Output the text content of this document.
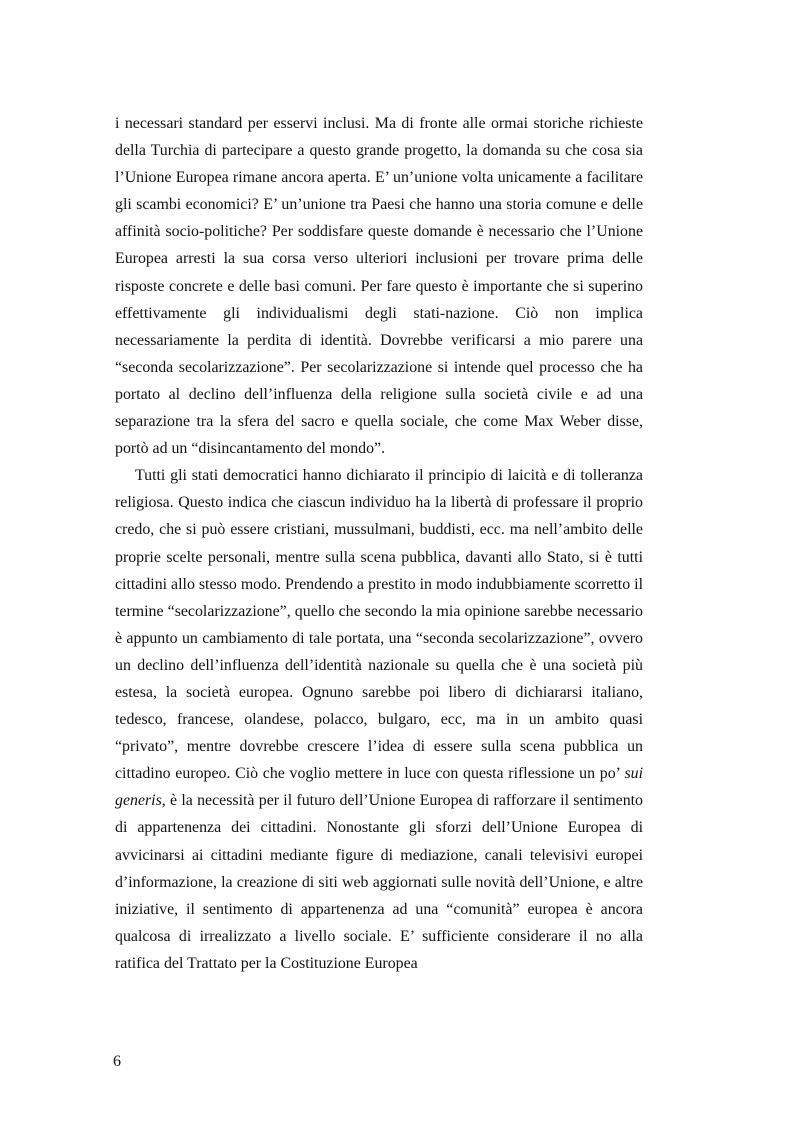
i necessari standard per esservi inclusi. Ma di fronte alle ormai storiche richieste della Turchia di partecipare a questo grande progetto, la domanda su che cosa sia l’Unione Europea rimane ancora aperta. E’ un’unione volta unicamente a facilitare gli scambi economici? E’ un’unione tra Paesi che hanno una storia comune e delle affinità socio-politiche? Per soddisfare queste domande è necessario che l’Unione Europea arresti la sua corsa verso ulteriori inclusioni per trovare prima delle risposte concrete e delle basi comuni. Per fare questo è importante che si superino effettivamente gli individualismi degli stati-nazione. Ciò non implica necessariamente la perdita di identità. Dovrebbe verificarsi a mio parere una “seconda secolarizzazione”. Per secolarizzazione si intende quel processo che ha portato al declino dell’influenza della religione sulla società civile e ad una separazione tra la sfera del sacro e quella sociale, che come Max Weber disse, portò ad un “disincantamento del mondo”.

Tutti gli stati democratici hanno dichiarato il principio di laicità e di tolleranza religiosa. Questo indica che ciascun individuo ha la libertà di professare il proprio credo, che si può essere cristiani, mussulmani, buddisti, ecc. ma nell’ambito delle proprie scelte personali, mentre sulla scena pubblica, davanti allo Stato, si è tutti cittadini allo stesso modo. Prendendo a prestito in modo indubbiamente scorretto il termine “secolarizzazione”, quello che secondo la mia opinione sarebbe necessario è appunto un cambiamento di tale portata, una “seconda secolarizzazione”, ovvero un declino dell’influenza dell’identità nazionale su quella che è una società più estesa, la società europea. Ognuno sarebbe poi libero di dichiararsi italiano, tedesco, francese, olandese, polacco, bulgaro, ecc, ma in un ambito quasi “privato”, mentre dovrebbe crescere l’idea di essere sulla scena pubblica un cittadino europeo. Ciò che voglio mettere in luce con questa riflessione un po’ sui generis, è la necessità per il futuro dell’Unione Europea di rafforzare il sentimento di appartenenza dei cittadini. Nonostante gli sforzi dell’Unione Europea di avvicinarsi ai cittadini mediante figure di mediazione, canali televisivi europei d’informazione, la creazione di siti web aggiornati sulle novità dell’Unione, e altre iniziative, il sentimento di appartenenza ad una “comunità” europea è ancora qualcosa di irrealizzato a livello sociale. E’ sufficiente considerare il no alla ratifica del Trattato per la Costituzione Europea

6
